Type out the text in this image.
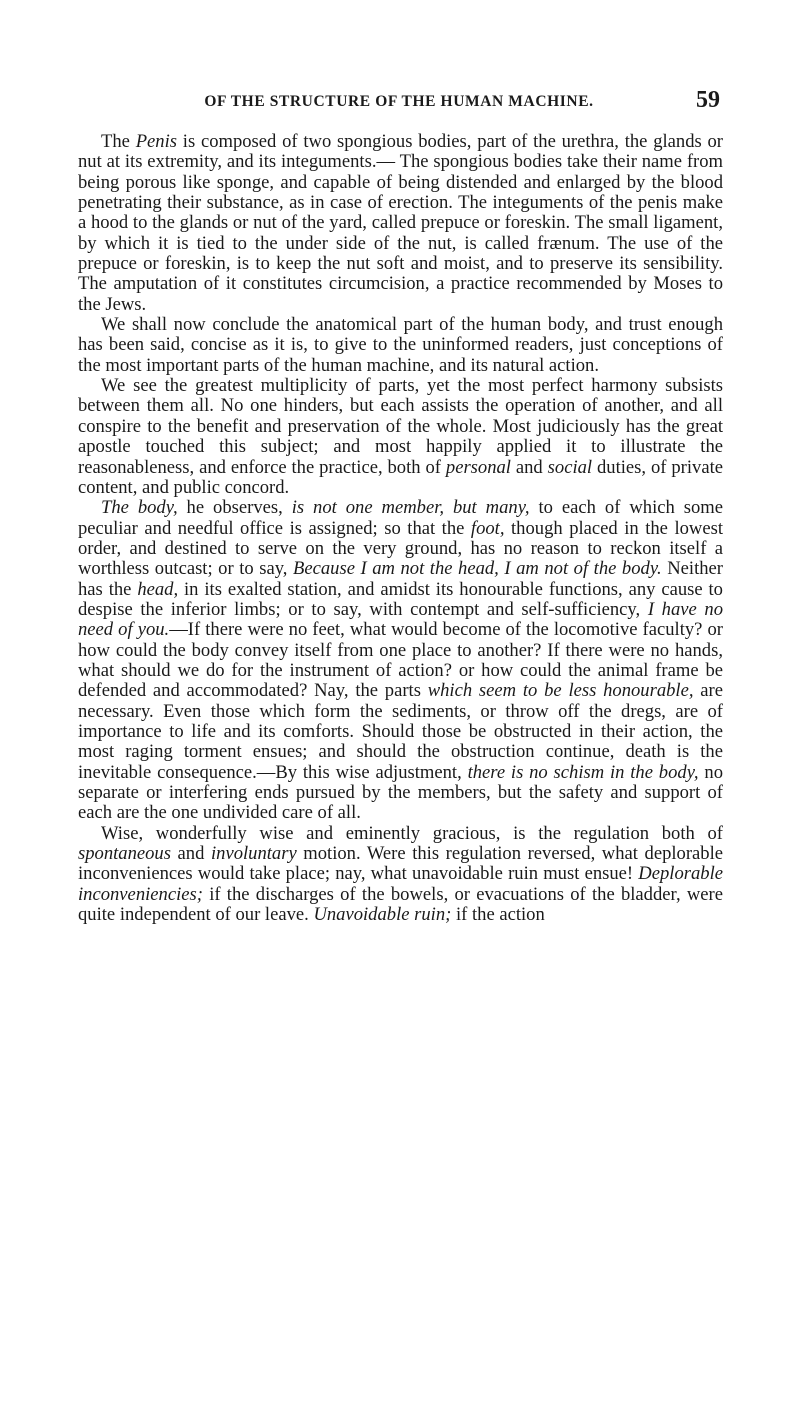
OF THE STRUCTURE OF THE HUMAN MACHINE.	59

The Penis is composed of two spongious bodies, part of the urethra, the glands or nut at its extremity, and its integuments.— The spongious bodies take their name from being porous like sponge, and capable of being distended and enlarged by the blood penetrating their substance, as in case of erection. The integuments of the penis make a hood to the glands or nut of the yard, called prepuce or foreskin. The small ligament, by which it is tied to the under side of the nut, is called frænum. The use of the prepuce or foreskin, is to keep the nut soft and moist, and to preserve its sensibility. The amputation of it constitutes circumcision, a practice recommended by Moses to the Jews.

We shall now conclude the anatomical part of the human body, and trust enough has been said, concise as it is, to give to the uninformed readers, just conceptions of the most important parts of the human machine, and its natural action.

We see the greatest multiplicity of parts, yet the most perfect harmony subsists between them all. No one hinders, but each assists the operation of another, and all conspire to the benefit and preservation of the whole. Most judiciously has the great apostle touched this subject; and most happily applied it to illustrate the reasonableness, and enforce the practice, both of personal and social duties, of private content, and public concord.

The body, he observes, is not one member, but many, to each of which some peculiar and needful office is assigned; so that the foot, though placed in the lowest order, and destined to serve on the very ground, has no reason to reckon itself a worthless outcast; or to say, Because I am not the head, I am not of the body. Neither has the head, in its exalted station, and amidst its honourable functions, any cause to despise the inferior limbs; or to say, with contempt and self-sufficiency, I have no need of you.—If there were no feet, what would become of the locomotive faculty? or how could the body convey itself from one place to another? If there were no hands, what should we do for the instrument of action? or how could the animal frame be defended and accommodated? Nay, the parts which seem to be less honourable, are necessary. Even those which form the sediments, or throw off the dregs, are of importance to life and its comforts. Should those be obstructed in their action, the most raging torment ensues; and should the obstruction continue, death is the inevitable consequence.—By this wise adjustment, there is no schism in the body, no separate or interfering ends pursued by the members, but the safety and support of each are the one undivided care of all.

Wise, wonderfully wise and eminently gracious, is the regulation both of spontaneous and involuntary motion. Were this regulation reversed, what deplorable inconveniences would take place; nay, what unavoidable ruin must ensue! Deplorable inconveniencies; if the discharges of the bowels, or evacuations of the bladder, were quite independent of our leave. Unavoidable ruin; if the action
